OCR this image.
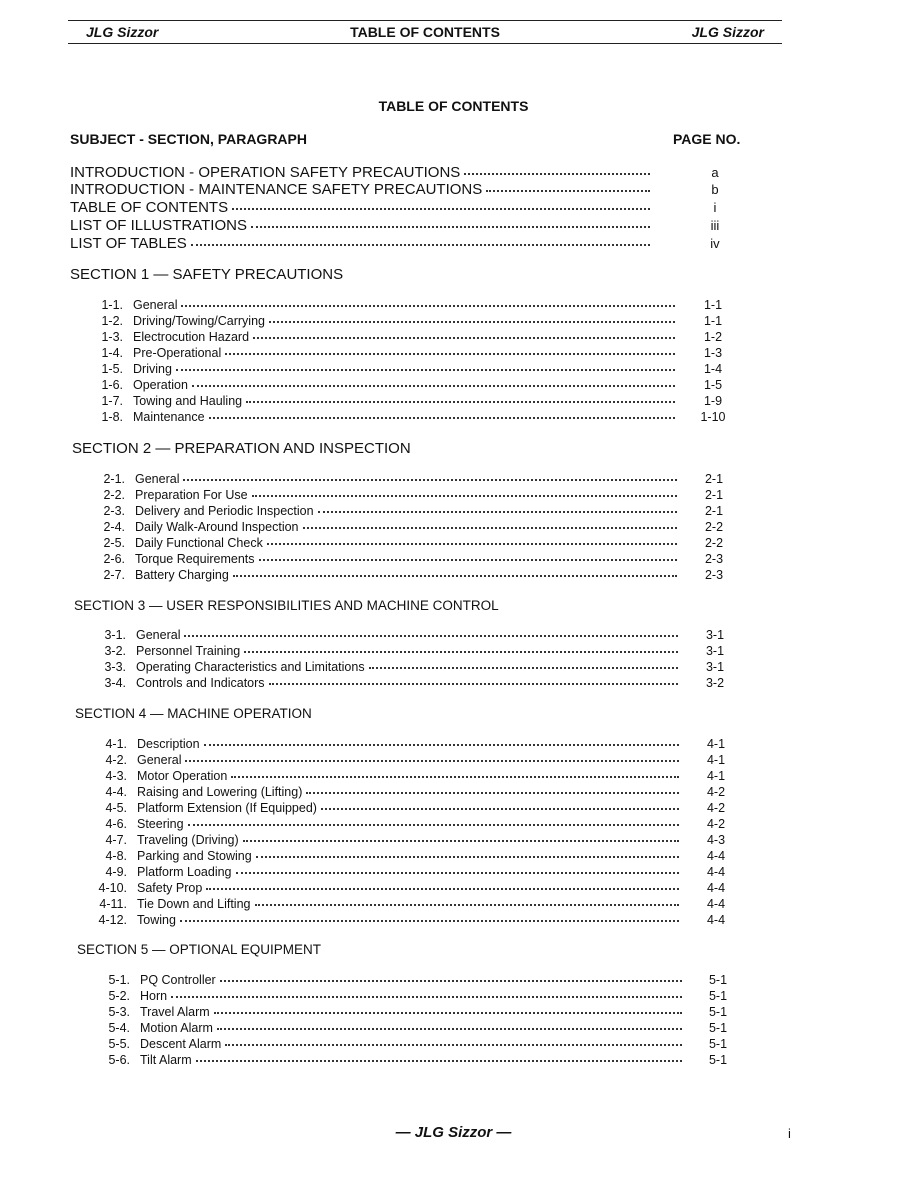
JLG Sizzor	TABLE OF CONTENTS	JLG Sizzor
TABLE OF CONTENTS
SUBJECT - SECTION, PARAGRAPH	PAGE NO.
INTRODUCTION - OPERATION SAFETY PRECAUTIONS	a
INTRODUCTION - MAINTENANCE SAFETY PRECAUTIONS	b
TABLE OF CONTENTS	i
LIST OF ILLUSTRATIONS	iii
LIST OF TABLES	iv
SECTION 1 — SAFETY PRECAUTIONS
1-1. General	1-1
1-2. Driving/Towing/Carrying	1-1
1-3. Electrocution Hazard	1-2
1-4. Pre-Operational	1-3
1-5. Driving	1-4
1-6. Operation	1-5
1-7. Towing and Hauling	1-9
1-8. Maintenance	1-10
SECTION 2 — PREPARATION AND INSPECTION
2-1. General	2-1
2-2. Preparation For Use	2-1
2-3. Delivery and Periodic Inspection	2-1
2-4. Daily Walk-Around Inspection	2-2
2-5. Daily Functional Check	2-2
2-6. Torque Requirements	2-3
2-7. Battery Charging	2-3
SECTION 3 — USER RESPONSIBILITIES AND MACHINE CONTROL
3-1. General	3-1
3-2. Personnel Training	3-1
3-3. Operating Characteristics and Limitations	3-1
3-4. Controls and Indicators	3-2
SECTION 4 — MACHINE OPERATION
4-1. Description	4-1
4-2. General	4-1
4-3. Motor Operation	4-1
4-4. Raising and Lowering (Lifting)	4-2
4-5. Platform Extension (If Equipped)	4-2
4-6. Steering	4-2
4-7. Traveling (Driving)	4-3
4-8. Parking and Stowing	4-4
4-9. Platform Loading	4-4
4-10. Safety Prop	4-4
4-11. Tie Down and Lifting	4-4
4-12. Towing	4-4
SECTION 5 — OPTIONAL EQUIPMENT
5-1. PQ Controller	5-1
5-2. Horn	5-1
5-3. Travel Alarm	5-1
5-4. Motion Alarm	5-1
5-5. Descent Alarm	5-1
5-6. Tilt Alarm	5-1
— JLG Sizzor —	i
